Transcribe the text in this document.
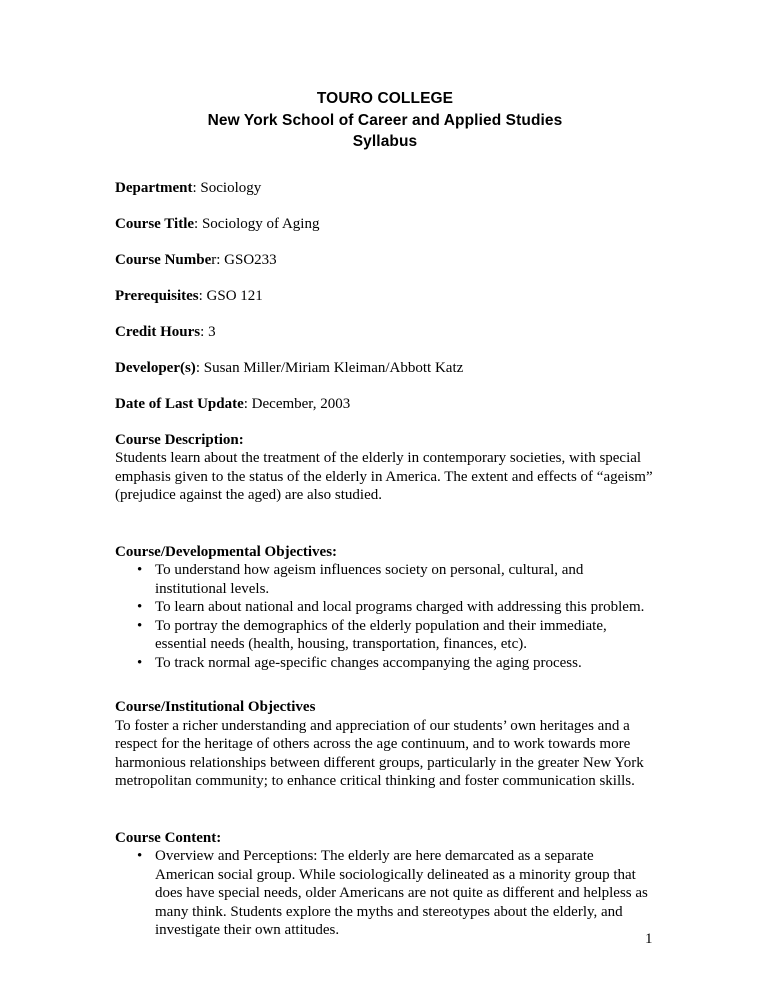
TOURO COLLEGE
New York School of Career and Applied Studies
Syllabus

Department: Sociology

Course Title: Sociology of Aging

Course Number: GSO233

Prerequisites: GSO 121

Credit Hours: 3

Developer(s): Susan Miller/Miriam Kleiman/Abbott Katz

Date of Last Update: December, 2003

Course Description:

Students learn about the treatment of the elderly in contemporary societies, with special emphasis given to the status of the elderly in America. The extent and effects of “ageism” (prejudice against the aged) are also studied.

Course/Developmental Objectives:

• To understand how ageism influences society on personal, cultural, and institutional levels.
• To learn about national and local programs charged with addressing this problem.
• To portray the demographics of the elderly population and their immediate, essential needs (health, housing, transportation, finances, etc).
• To track normal age-specific changes accompanying the aging process.

Course/Institutional Objectives

To foster a richer understanding and appreciation of our students’ own heritages and a respect for the heritage of others across the age continuum, and to work towards more harmonious relationships between different groups, particularly in the greater New York metropolitan community; to enhance critical thinking and foster communication skills.

Course Content:

• Overview and Perceptions: The elderly are here demarcated as a separate American social group. While sociologically delineated as a minority group that does have special needs, older Americans are not quite as different and helpless as many think. Students explore the myths and stereotypes about the elderly, and investigate their own attitudes.
1
